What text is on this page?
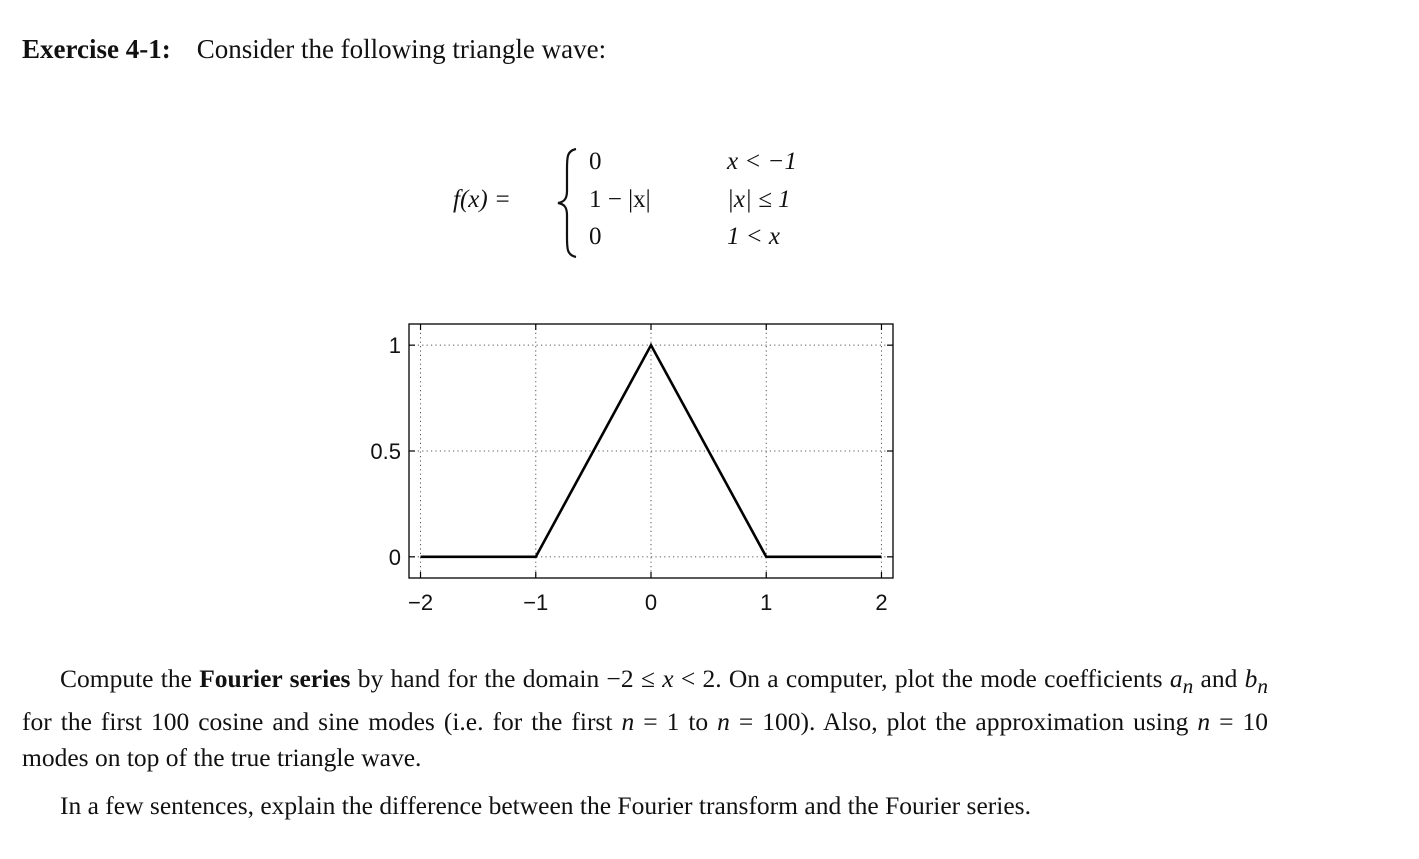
Exercise 4-1: Consider the following triangle wave:
f(x) =
0	x < −1
1 − |x|	|x| ≤ 1
0	1 < x
−2	−1	0	1	2
0
0.5
1
Compute the Fourier series by hand for the domain −2 ≤ x < 2. On a computer, plot the mode coefficients $a_n$ and $b_n$ for the first 100 cosine and sine modes (i.e. for the first n = 1 to n = 100). Also, plot the approximation using n = 10 modes on top of the true triangle wave.
In a few sentences, explain the difference between the Fourier transform and the Fourier series.
